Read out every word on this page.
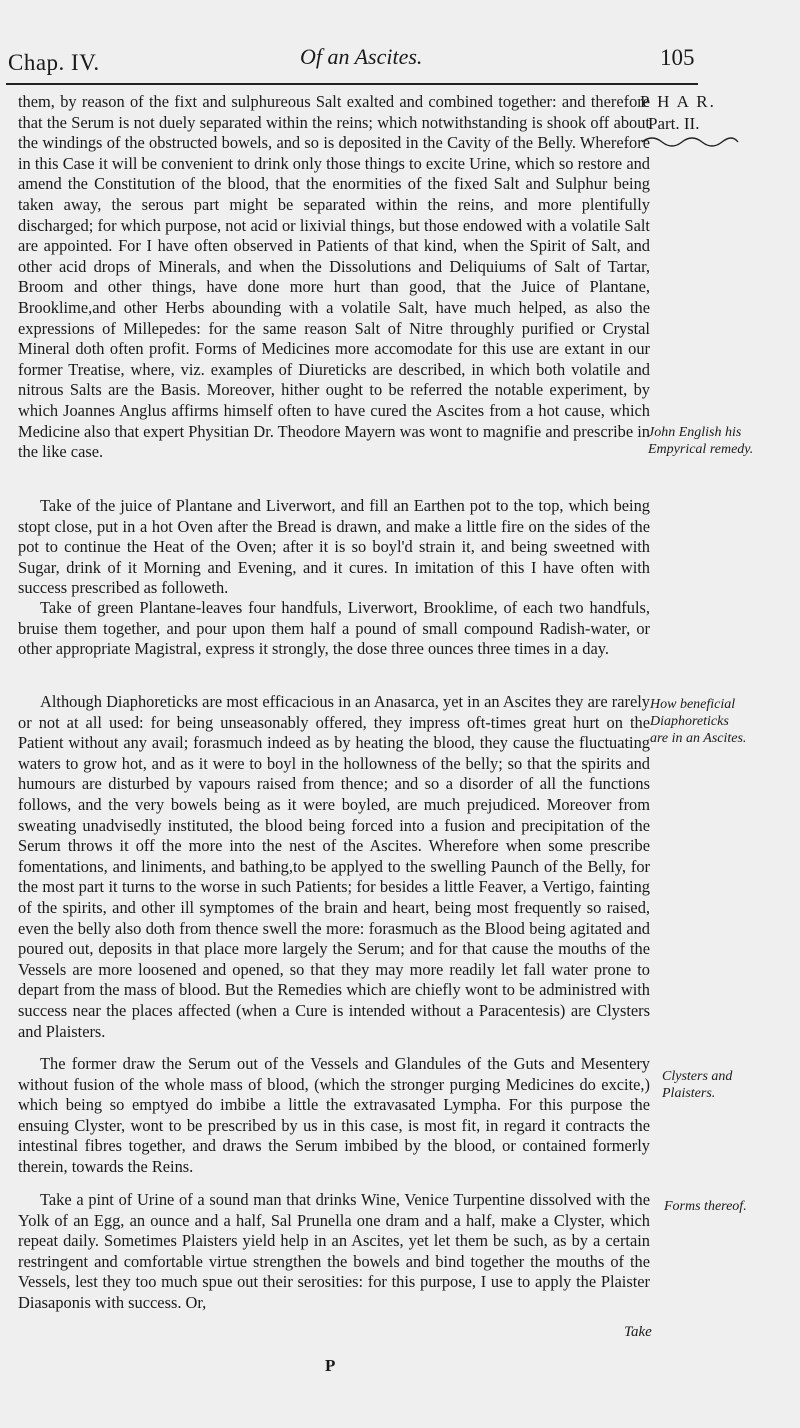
Chap. IV.	Of an Ascites.	105
P H A R.
Part. II.

them, by reason of the fixt and sulphureous Salt exalted and combined together: and therefore that the Serum is not duely separated within the reins; which notwithstanding is shook off about the windings of the obstructed bowels, and so is deposited in the Cavity of the Belly. Wherefore in this Case it will be convenient to drink only those things to excite Urine, which so restore and amend the Constitution of the blood, that the enormities of the fixed Salt and Sulphur being taken away, the serous part might be separated within the reins, and more plentifully discharged; for which purpose, not acid or lixivial things, but those endowed with a volatile Salt are appointed. For I have often observed in Patients of that kind, when the Spirit of Salt, and other acid drops of Minerals, and when the Dissolutions and Deliquiums of Salt of Tartar, Broom and other things, have done more hurt than good, that the Juice of Plantane, Brooklime,and other Herbs abounding with a volatile Salt, have much helped, as also the expressions of Millepedes: for the same reason Salt of Nitre throughly purified or Crystal Mineral doth often profit. Forms of Medicines more accomodate for this use are extant in our former Treatise, where, viz. examples of Diureticks are described, in which both volatile and nitrous Salts are the Basis. Moreover, hither ought to be referred the notable experiment, by which Joannes Anglus affirms himself often to have cured the Ascites from a hot cause, which Medicine also that expert Physitian Dr. Theodore Mayern was wont to magnifie and prescribe in the like case.

Take of the juice of Plantane and Liverwort, and fill an Earthen pot to the top, which being stopt close, put in a hot Oven after the Bread is drawn, and make a little fire on the sides of the pot to continue the Heat of the Oven; after it is so boyl'd strain it, and being sweetned with Sugar, drink of it Morning and Evening, and it cures. In imitation of this I have often with success prescribed as followeth.

Take of green Plantane-leaves four handfuls, Liverwort, Brooklime, of each two handfuls, bruise them together, and pour upon them half a pound of small compound Radish-water, or other appropriate Magistral, express it strongly, the dose three ounces three times in a day.

Although Diaphoreticks are most efficacious in an Anasarca, yet in an Ascites they are rarely or not at all used: for being unseasonably offered, they impress oft-times great hurt on the Patient without any avail; forasmuch indeed as by heating the blood, they cause the fluctuating waters to grow hot, and as it were to boyl in the hollowness of the belly; so that the spirits and humours are disturbed by vapours raised from thence; and so a disorder of all the functions follows, and the very bowels being as it were boyled, are much prejudiced. Moreover from sweating unadvisedly instituted, the blood being forced into a fusion and precipitation of the Serum throws it off the more into the nest of the Ascites. Wherefore when some prescribe fomentations, and liniments, and bathing,to be applyed to the swelling Paunch of the Belly, for the most part it turns to the worse in such Patients; for besides a little Feaver, a Vertigo, fainting of the spirits, and other ill symptomes of the brain and heart, being most frequently so raised, even the belly also doth from thence swell the more: forasmuch as the Blood being agitated and poured out, deposits in that place more largely the Serum; and for that cause the mouths of the Vessels are more loosened and opened, so that they may more readily let fall water prone to depart from the mass of blood. But the Remedies which are chiefly wont to be administred with success near the places affected (when a Cure is intended without a Paracentesis) are Clysters and Plaisters.

The former draw the Serum out of the Vessels and Glandules of the Guts and Mesentery without fusion of the whole mass of blood, (which the stronger purging Medicines do excite,) which being so emptyed do imbibe a little the extravasated Lympha. For this purpose the ensuing Clyster, wont to be prescribed by us in this case, is most fit, in regard it contracts the intestinal fibres together, and draws the Serum imbibed by the blood, or contained formerly therein, towards the Reins.

Take a pint of Urine of a sound man that drinks Wine, Venice Turpentine dissolved with the Yolk of an Egg, an ounce and a half, Sal Prunella one dram and a half, make a Clyster, which repeat daily. Sometimes Plaisters yield help in an Ascites, yet let them be such, as by a certain restringent and comfortable virtue strengthen the bowels and bind together the mouths of the Vessels, lest they too much spue out their serosities: for this purpose, I use to apply the Plaister Diasaponis with success. Or,

John English his Empyrical remedy.
How beneficial Diaphoreticks are in an Ascites.
Clysters and Plaisters.
Forms thereof.
P
Take
